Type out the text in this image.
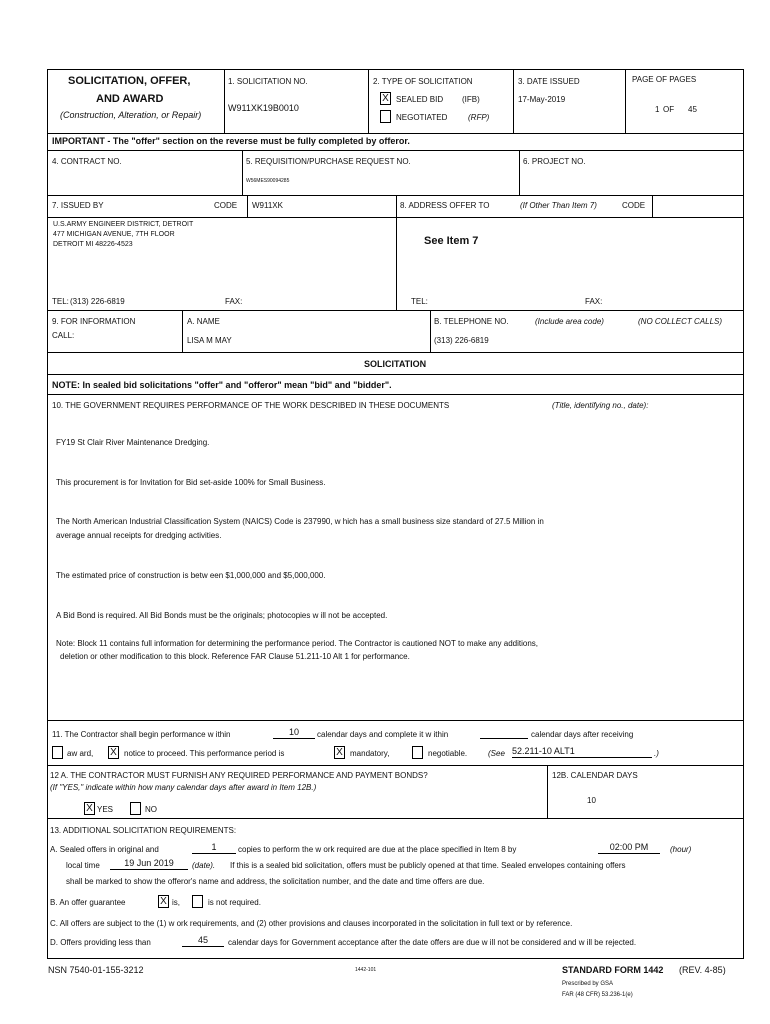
SOLICITATION, OFFER,
AND AWARD
(Construction, Alteration, or Repair)
1. SOLICITATION NO.
W911XK19B0010
2. TYPE OF SOLICITATION
X SEALED BID (IFB)
NEGOTIATED	(RFP)
3. DATE ISSUED
17-May-2019
PAGE OF PAGES
1 OF 45
IMPORTANT - The "offer" section on the reverse must be fully completed by offeror.
4. CONTRACT NO.	5. REQUISITION/PURCHASE REQUEST NO.
W56MES90094285
6. PROJECT NO.
7. ISSUED BY	CODE W911XK	8. ADDRESS OFFER TO	(If Other Than Item 7)	CODE
U.S.ARMY ENGINEER DISTRICT, DETROIT
477 MICHIGAN AVENUE, 7TH FLOOR
DETROIT MI 48226-4523	See Item 7
TEL: (313) 226-6819	FAX:	TEL:	FAX:
9. FOR INFORMATION
CALL:
A. NAME
LISA M MAY
B. TELEPHONE NO.	(Include area code)	(NO COLLECT CALLS)
(313) 226-6819
SOLICITATION
NOTE: In sealed bid solicitations "offer" and "offeror" mean "bid" and "bidder".
10. THE GOVERNMENT REQUIRES PERFORMANCE OF THE WORK DESCRIBED IN THESE DOCUMENTS	(Title, identifying no., date):
FY19 St Clair River Maintenance Dredging.
This procurement is for Invitation for Bid set-aside 100% for Small Business.
The North American Industrial Classification System (NAICS) Code is 237990, w hich has a small business size standard of 27.5 Million in
average annual receipts for dredging activities.
The estimated price of construction is betw een $1,000,000 and $5,000,000.
A Bid Bond is required. All Bid Bonds must be the originals; photocopies w ill not be accepted.
Note: Block 11 contains full information for determining the performance period. The Contractor is cautioned NOT to make any additions,
deletion or other modification to this block. Reference FAR Clause 51.211-10 Alt 1 for performance.
11. The Contractor shall begin performance w ithin	10	calendar days and complete it w ithin	calendar days after receiving
aw ard, X notice to proceed. This performance period is	X mandatory,	negotiable.	(See 52.211-10 ALT1	.)
12 A. THE CONTRACTOR MUST FURNISH ANY REQUIRED PERFORMANCE AND PAYMENT BONDS?
(If "YES," indicate within how many calendar days after award in Item 12B.)
X YES	NO
12B. CALENDAR DAYS
10
13. ADDITIONAL SOLICITATION REQUIREMENTS:
A. Sealed offers in original and	1	copies to perform the w ork required are due at the place specified in Item 8 by	02:00 PM	(hour)
local time	19 Jun 2019	(date). If this is a sealed bid solicitation, offers must be publicly opened at that time. Sealed envelopes containing offers
shall be marked to show the offeror's name and address, the solicitation number, and the date and time offers are due.
B. An offer guarantee	X is,	is not required.
C. All offers are subject to the (1) w ork requirements, and (2) other provisions and clauses incorporated in the solicitation in full text or by reference.
D. Offers providing less than	45	calendar days for Government acceptance after the date offers are due w ill not be considered and w ill be rejected.
NSN 7540-01-155-3212	1442-101	STANDARD FORM 1442 (REV. 4-85)
Prescribed by GSA
FAR (48 CFR) 53.236-1(e)
